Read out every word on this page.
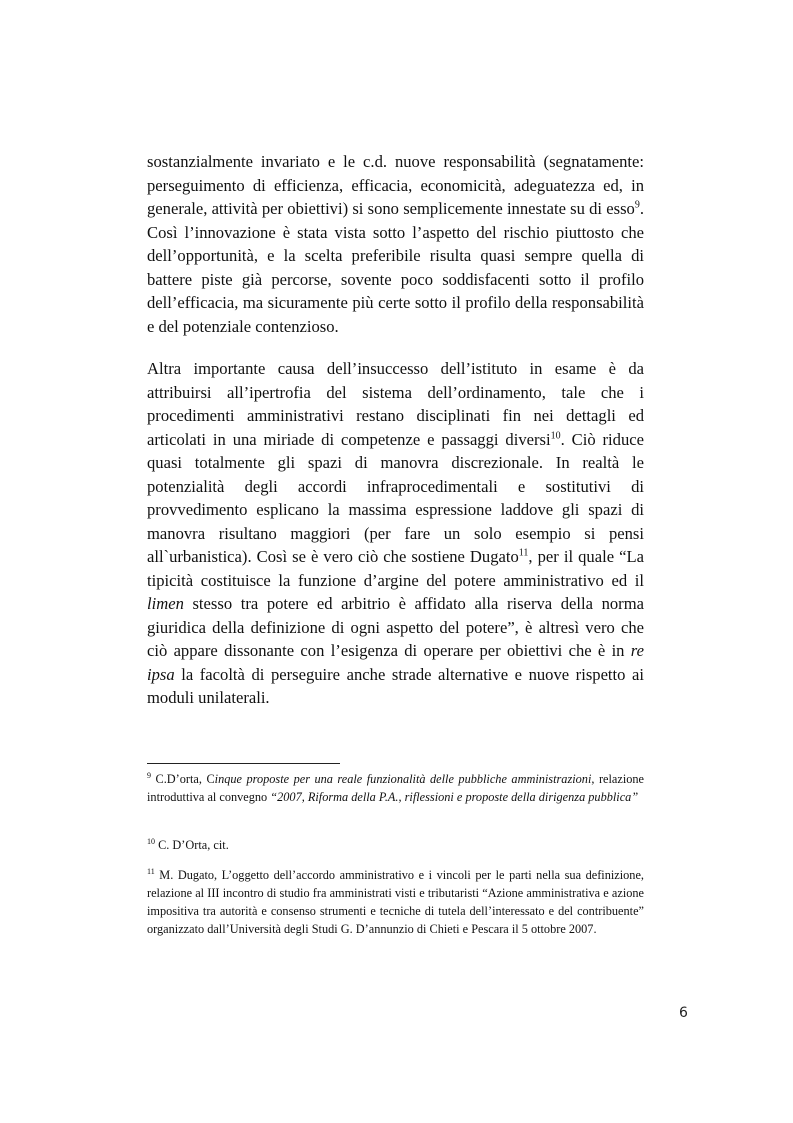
sostanzialmente invariato e le c.d. nuove responsabilità (segnatamente: perseguimento di efficienza, efficacia, economicità, adeguatezza ed, in generale, attività per obiettivi) si sono semplicemente innestate su di esso$^9$. Così l’innovazione è stata vista sotto l’aspetto del rischio piuttosto che dell’opportunità, e la scelta preferibile risulta quasi sempre quella di battere piste già percorse, sovente poco soddisfacenti sotto il profilo dell’efficacia, ma sicuramente più certe sotto il profilo della responsabilità e del potenziale contenzioso.

Altra importante causa dell’insuccesso dell’istituto in esame è da attribuirsi all’ipertrofia del sistema dell’ordinamento, tale che i procedimenti amministrativi restano disciplinati fin nei dettagli ed articolati in una miriade di competenze e passaggi diversi$^{10}$. Ciò riduce quasi totalmente gli spazi di manovra discrezionale. In realtà le potenzialità degli accordi infraprocedimentali e sostitutivi di provvedimento esplicano la massima espressione laddove gli spazi di manovra risultano maggiori (per fare un solo esempio si pensi all`urbanistica). Così se è vero ciò che sostiene Dugato$^{11}$, per il quale “La tipicità costituisce la funzione d’argine del potere amministrativo ed il limen stesso tra potere ed arbitrio è affidato alla riserva della norma giuridica della definizione di ogni aspetto del potere”, è altresì vero che ciò appare dissonante con l’esigenza di operare per obiettivi che è in re ipsa la facoltà di perseguire anche strade alternative e nuove rispetto ai moduli unilaterali.

$^9$ C.D’orta, Cinque proposte per una reale funzionalità delle pubbliche amministrazioni, relazione introduttiva al convegno “2007, Riforma della P.A., riflessioni e proposte della dirigenza pubblica”

$^{10}$ C. D’Orta, cit.

$^{11}$ M. Dugato, L’oggetto dell’accordo amministrativo e i vincoli per le parti nella sua definizione, relazione al III incontro di studio fra amministrati visti e tributaristi “Azione amministrativa e azione impositiva tra autorità e consenso strumenti e tecniche di tutela dell’interessato e del contribuente” organizzato dall’Università degli Studi G. D’annunzio di Chieti e Pescara il 5 ottobre 2007.

6
